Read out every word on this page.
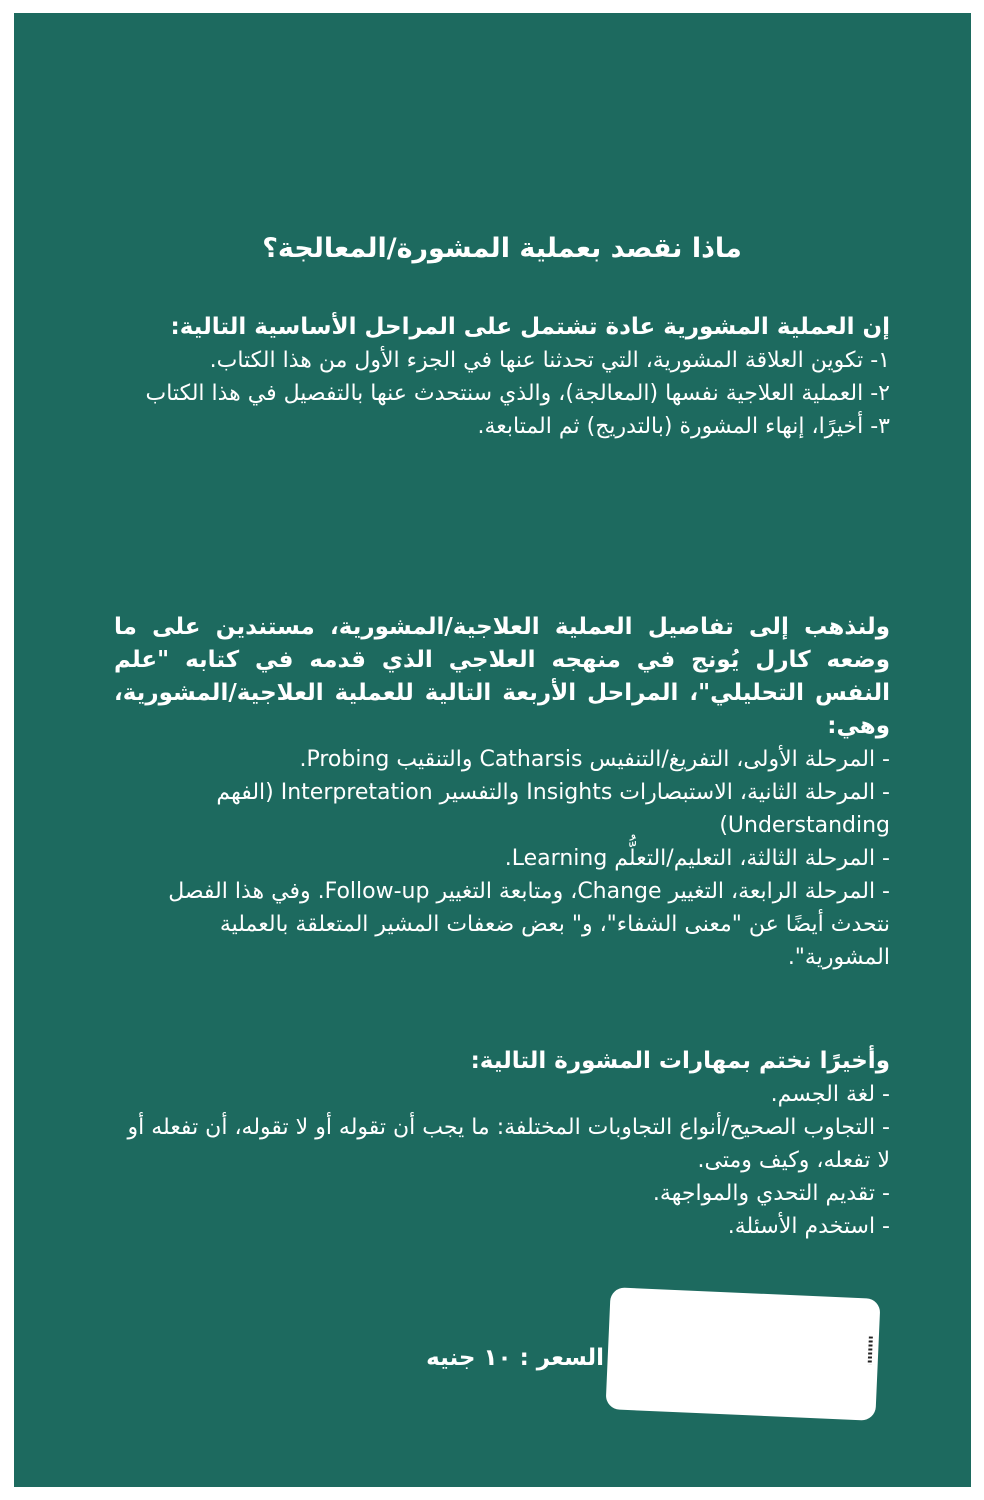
ماذا نقصد بعملية المشورة/المعالجة؟

إن العملية المشورية عادة تشتمل على المراحل الأساسية التالية:

١- تكوين العلاقة المشورية، التي تحدثنا عنها في الجزء الأول من هذا الكتاب.

٢- العملية العلاجية نفسها (المعالجة)، والذي سنتحدث عنها بالتفصيل في هذا الكتاب

٣- أخيرًا، إنهاء المشورة (بالتدريج) ثم المتابعة.

ولنذهب إلى تفاصيل العملية العلاجية/المشورية، مستندين على ما وضعه كارل يُونج في منهجه العلاجي الذي قدمه في كتابه "علم النفس التحليلي"، المراحل الأربعة التالية للعملية العلاجية/المشورية، وهي:

- المرحلة الأولى، التفريغ/التنفيس Catharsis والتنقيب Probing.

- المرحلة الثانية، الاستبصارات Insights والتفسير Interpretation (الفهم Understanding)

- المرحلة الثالثة، التعليم/التعلُّم Learning.

- المرحلة الرابعة، التغيير Change، ومتابعة التغيير Follow-up. وفي هذا الفصل نتحدث أيضًا عن "معنى الشفاء"، و" بعض ضعفات المشير المتعلقة بالعملية المشورية".

وأخيرًا نختم بمهارات المشورة التالية:

- لغة الجسم.

- التجاوب الصحيح/أنواع التجاوبات المختلفة: ما يجب أن تقوله أو لا تقوله، أن تفعله أو لا تفعله، وكيف ومتى.

- تقديم التحدي والمواجهة.

- استخدم الأسئلة.

السعر : ١٠ جنيه
